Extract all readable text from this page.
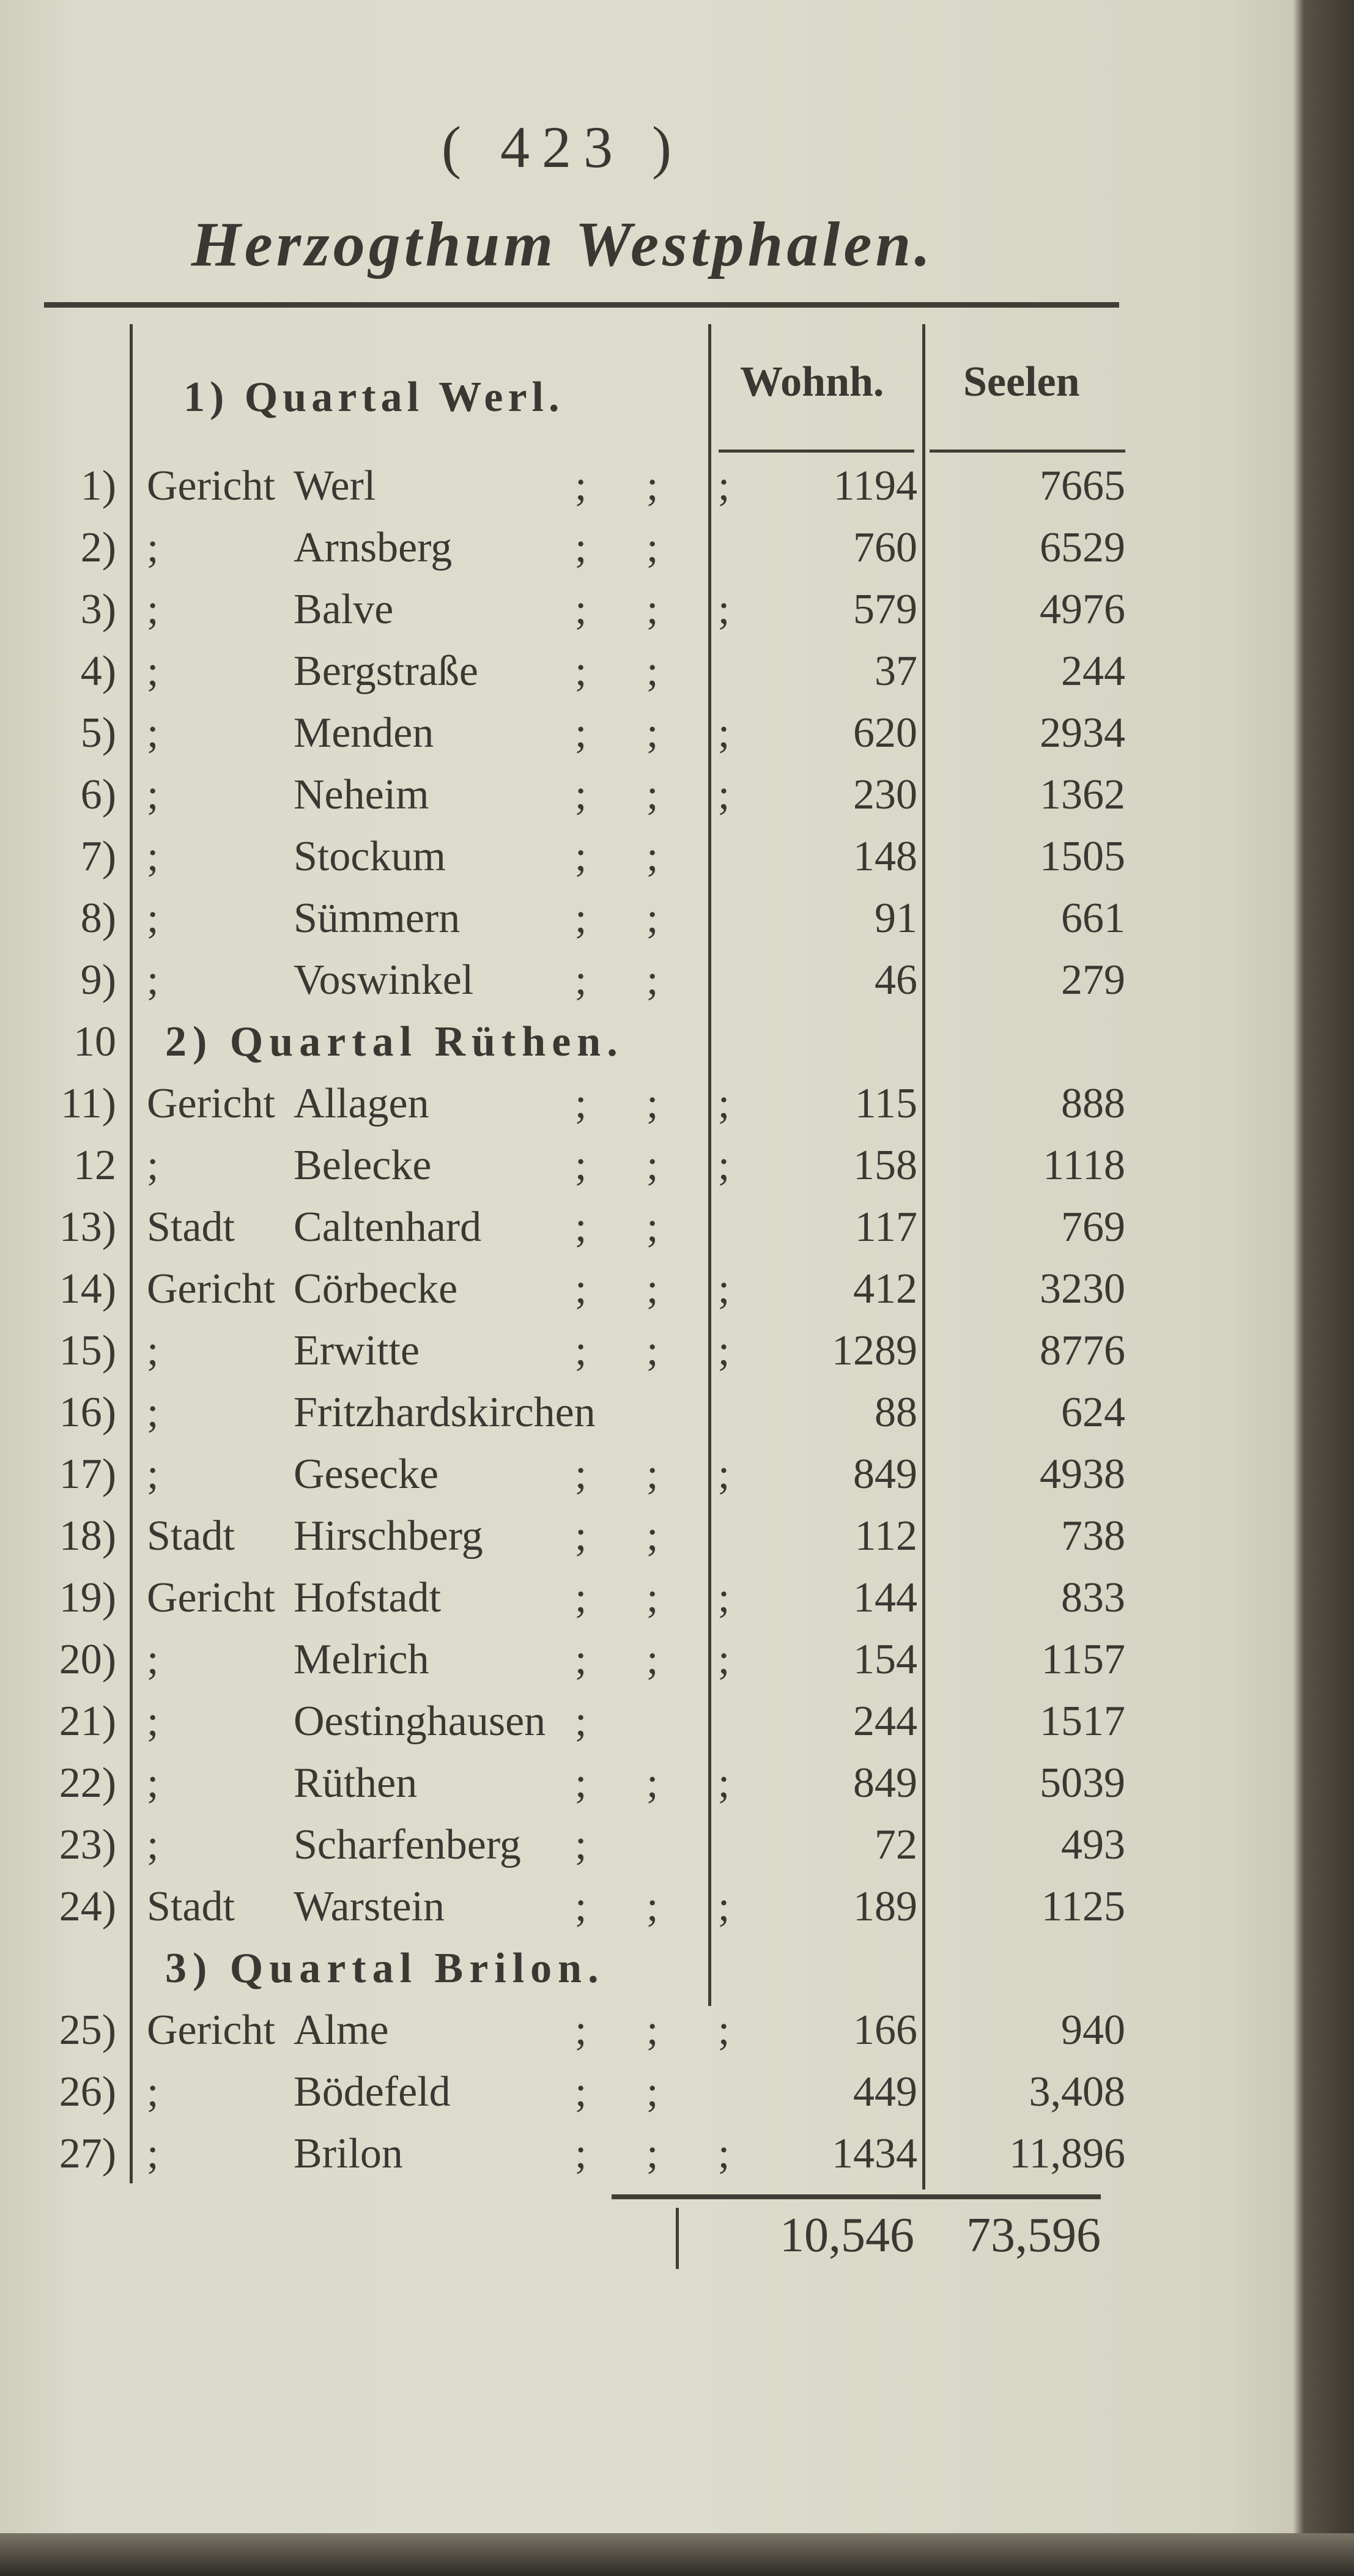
( 423 )
Herzogthum Westphalen.
1) Quartal Werl.	Wohnh. Seelen
1) Gericht Werl	; ; ;	1194	7665
2) ;	Arnsberg	; ;	760	6529
3) ;	Balve	; ; ;	579	4976
4) ;	Bergstraße ; ;	37	244
5) ;	Menden	; ; ;	620	2934
6) ;	Neheim	; ; ;	230	1362
7) ;	Stockum	; ;	148	1505
8) ;	Sümmern	; ;	91	661
9) ;	Voswinkel ; ;	46	279
10 2) Quartal Rüthen.
11) Gericht Allagen	; ; ;	115	888
12 ;	Belecke	; ; ;	158	1118
13) Stadt Caltenhard ; ;	117	769
14) Gericht Cörbecke	; ; ;	412	3230
15) ;	Erwitte	; ; ;	1289	8776
16) ;	Fritzhardskirchen	88	624
17) ;	Gesecke	; ; ;	849	4938
18) Stadt Hirschberg ; ;	112	738
19) Gericht Hofstadt	; ; ;	144	833
20) ;	Melrich	; ; ;	154	1157
21) ;	Oestinghausen ;	244	1517
22) ;	Rüthen	; ; ;	849	5039
23) ;	Scharfenberg ;	72	493
24) Stadt Warstein	; ; ;	189	1125
3) Quartal Brilon.
25) Gericht Alme	; ; ;	166	940
26) ;	Bödefeld	; ;	449	3,408
27) ;	Brilon	; ; ;	1434	11,896
10,546	73,596
